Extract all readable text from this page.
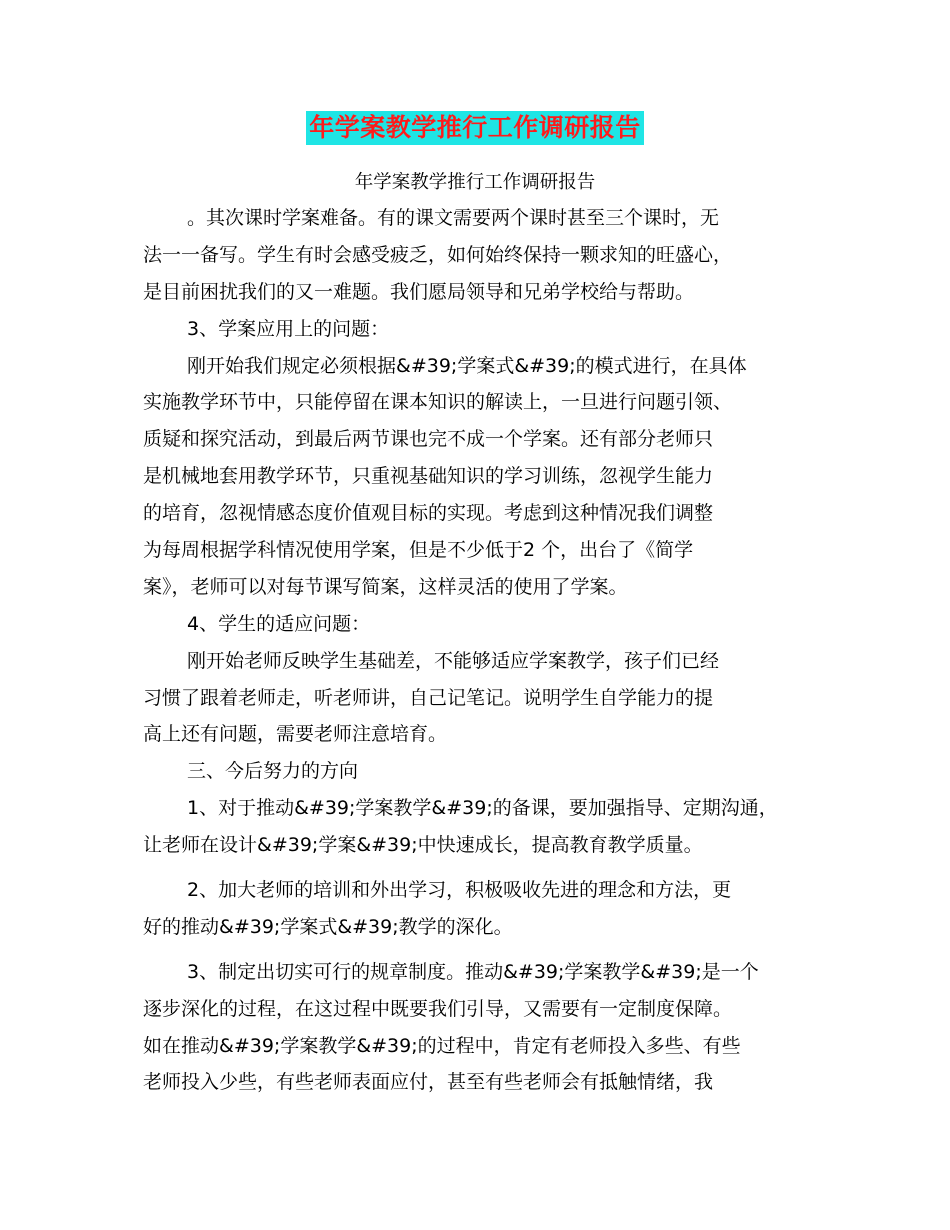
年学案教学推行工作调研报告
年学案教学推行工作调研报告
。其次课时学案难备。有的课文需要两个课时甚至三个课时，无
法一一备写。学生有时会感受疲乏，如何始终保持一颗求知的旺盛心，
是目前困扰我们的又一难题。我们愿局领导和兄弟学校给与帮助。
3、学案应用上的问题：
刚开始我们规定必须根据&#39;学案式&#39;的模式进行，在具体
实施教学环节中，只能停留在课本知识的解读上，一旦进行问题引领、
质疑和探究活动，到最后两节课也完不成一个学案。还有部分老师只
是机械地套用教学环节，只重视基础知识的学习训练，忽视学生能力
的培育，忽视情感态度价值观目标的实现。考虑到这种情况我们调整
为每周根据学科情况使用学案，但是不少低于2 个，出台了《简学
案》，老师可以对每节课写简案，这样灵活的使用了学案。
4、学生的适应问题：
刚开始老师反映学生基础差，不能够适应学案教学，孩子们已经
习惯了跟着老师走，听老师讲，自己记笔记。说明学生自学能力的提
高上还有问题，需要老师注意培育。
三、今后努力的方向
1、对于推动&#39;学案教学&#39;的备课，要加强指导、定期沟通，
让老师在设计&#39;学案&#39;中快速成长，提高教育教学质量。
2、加大老师的培训和外出学习，积极吸收先进的理念和方法，更
好的推动&#39;学案式&#39;教学的深化。
3、制定出切实可行的规章制度。推动&#39;学案教学&#39;是一个
逐步深化的过程，在这过程中既要我们引导，又需要有一定制度保障。
如在推动&#39;学案教学&#39;的过程中，肯定有老师投入多些、有些
老师投入少些，有些老师表面应付，甚至有些老师会有抵触情绪，我
